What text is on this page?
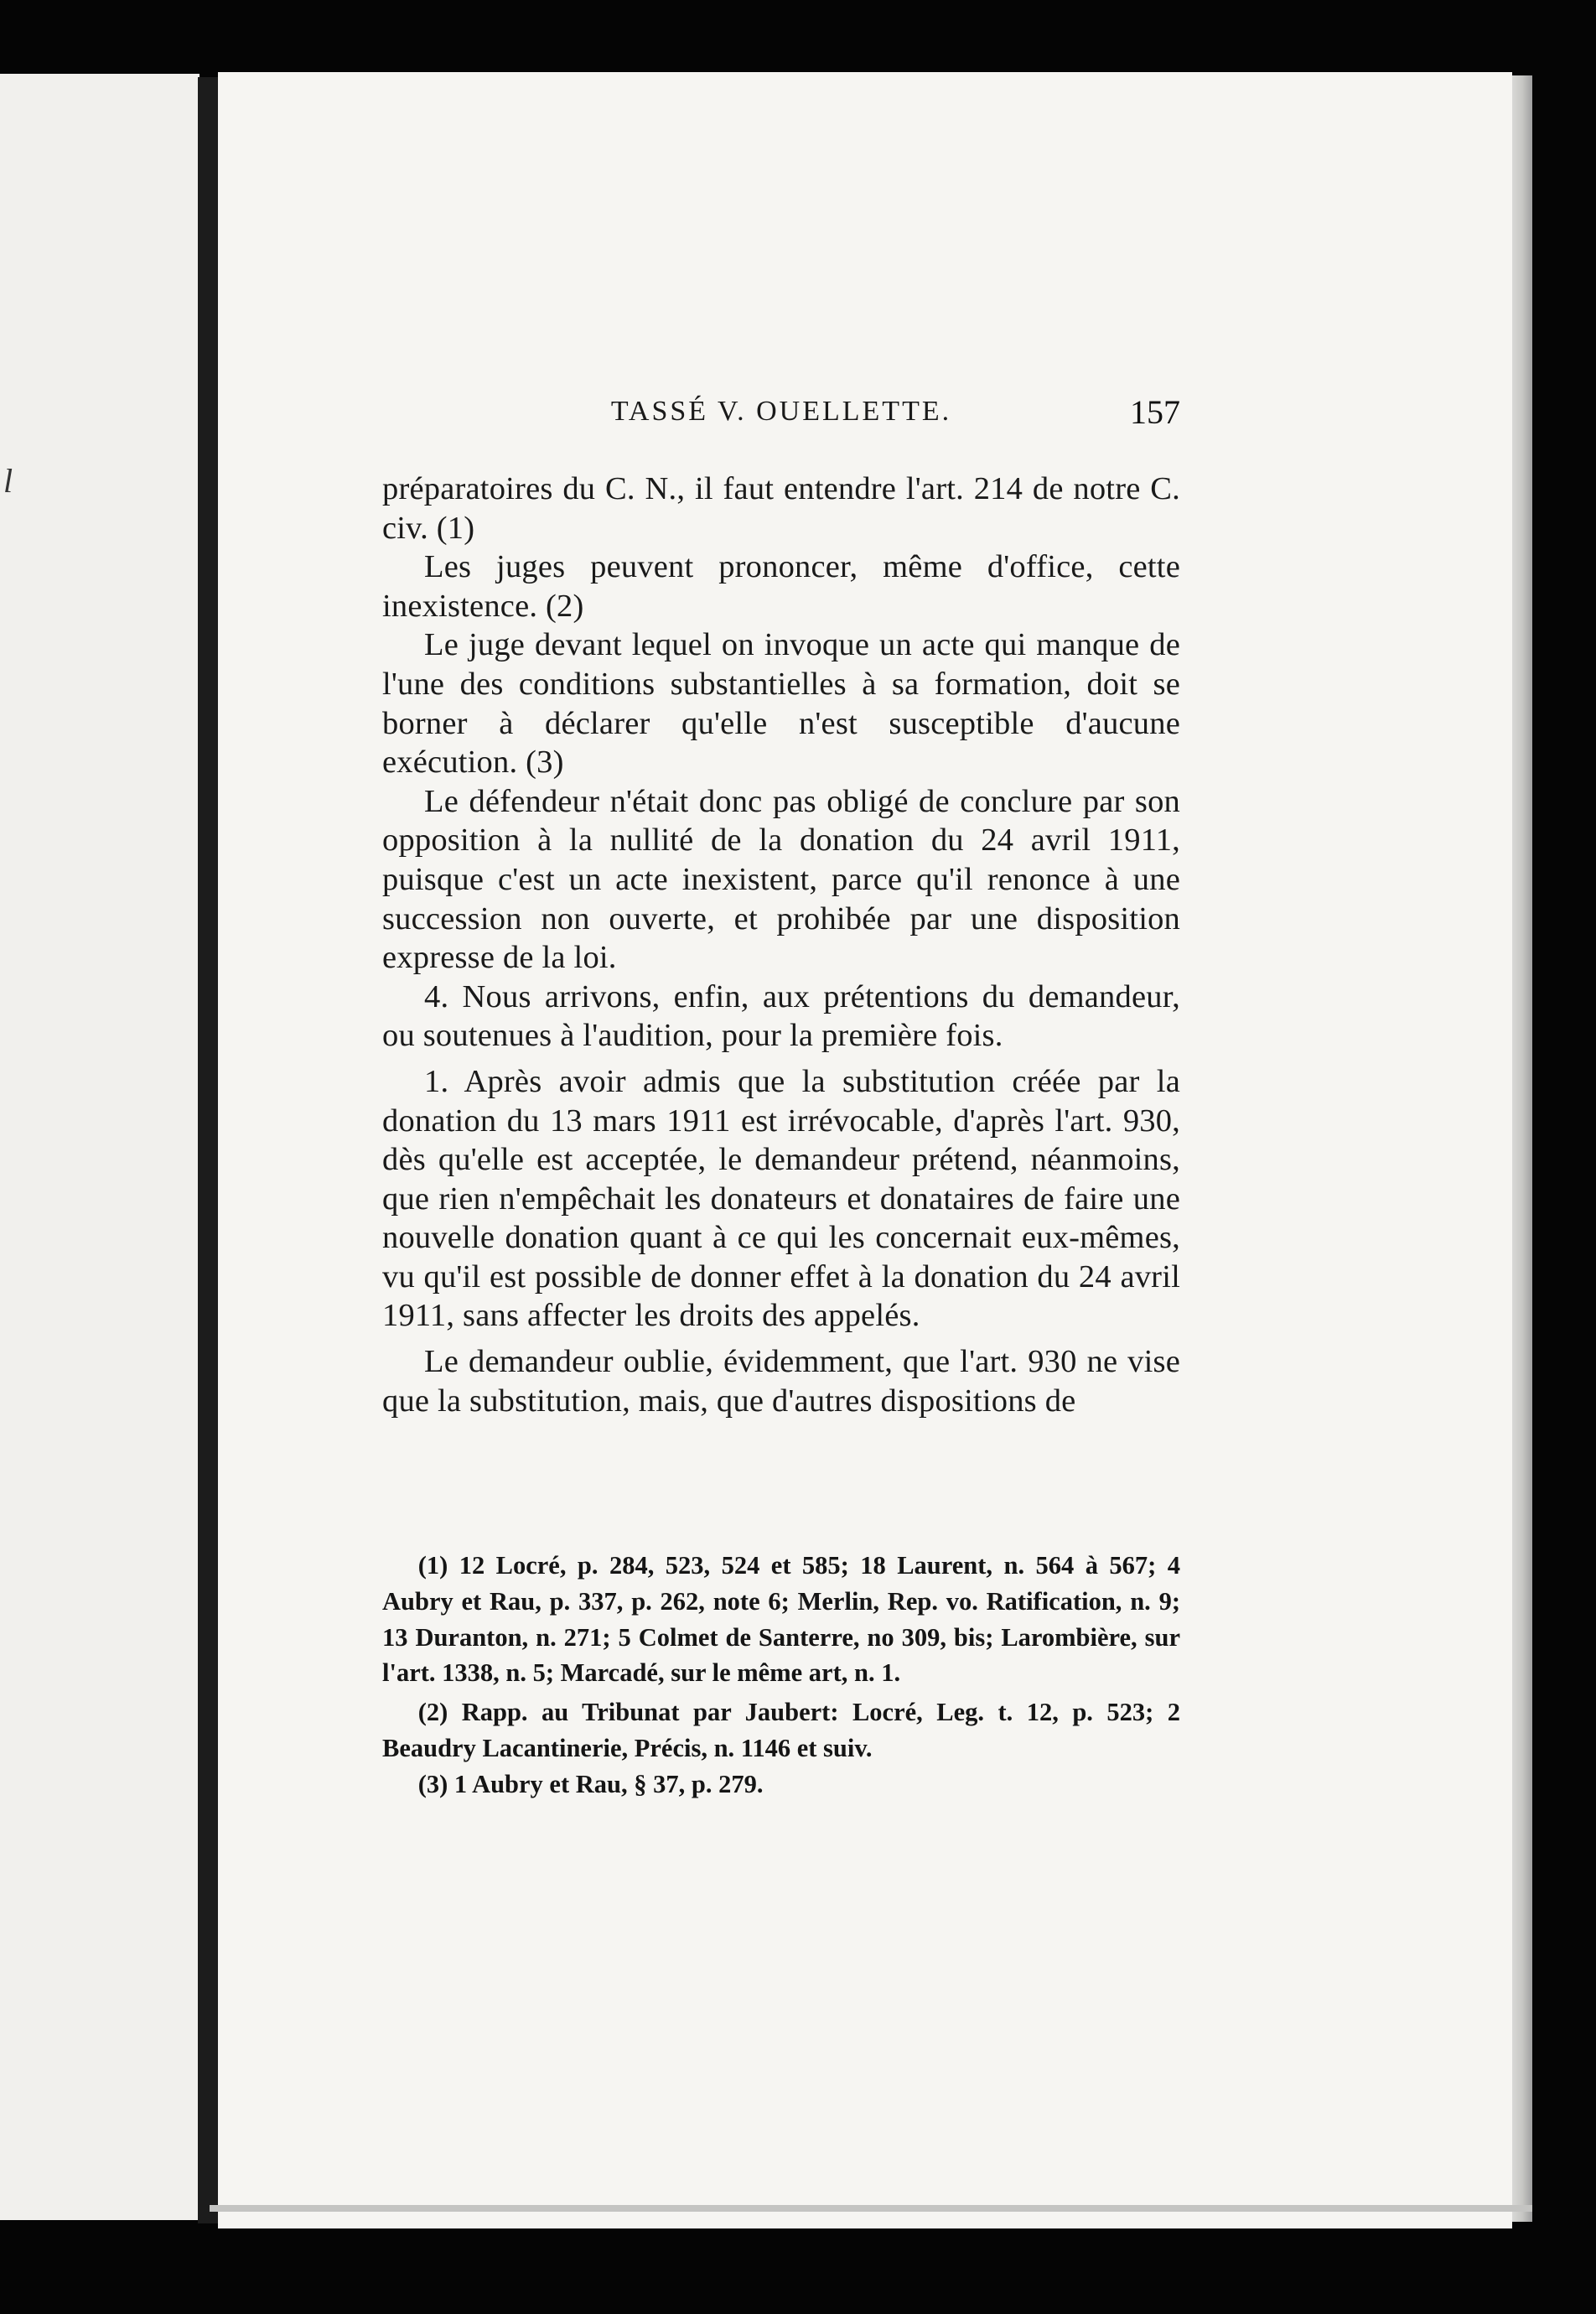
l
TASSÉ V. OUELLETTE.	157

préparatoires du C. N., il faut entendre l'art. 214 de notre C. civ. (1)

Les juges peuvent prononcer, même d'office, cette inexistence. (2)

Le juge devant lequel on invoque un acte qui manque de l'une des conditions substantielles à sa formation, doit se borner à déclarer qu'elle n'est susceptible d'aucune exécution. (3)

Le défendeur n'était donc pas obligé de conclure par son opposition à la nullité de la donation du 24 avril 1911, puisque c'est un acte inexistent, parce qu'il renonce à une succession non ouverte, et prohibée par une disposition expresse de la loi.

4. Nous arrivons, enfin, aux prétentions du demandeur, ou soutenues à l'audition, pour la première fois.

1. Après avoir admis que la substitution créée par la donation du 13 mars 1911 est irrévocable, d'après l'art. 930, dès qu'elle est acceptée, le demandeur prétend, néanmoins, que rien n'empêchait les donateurs et donataires de faire une nouvelle donation quant à ce qui les concernait eux-mêmes, vu qu'il est possible de donner effet à la donation du 24 avril 1911, sans affecter les droits des appelés.

Le demandeur oublie, évidemment, que l'art. 930 ne vise que la substitution, mais, que d'autres dispositions de

(1) 12 Locré, p. 284, 523, 524 et 585; 18 Laurent, n. 564 à 567; 4 Aubry et Rau, p. 337, p. 262, note 6; Merlin, Rep. vo. Ratification, n. 9; 13 Duranton, n. 271; 5 Colmet de Santerre, no 309, bis; Larombière, sur l'art. 1338, n. 5; Marcadé, sur le même art, n. 1.

(2) Rapp. au Tribunat par Jaubert: Locré, Leg. t. 12, p. 523; 2 Beaudry Lacantinerie, Précis, n. 1146 et suiv.

(3) 1 Aubry et Rau, § 37, p. 279.
